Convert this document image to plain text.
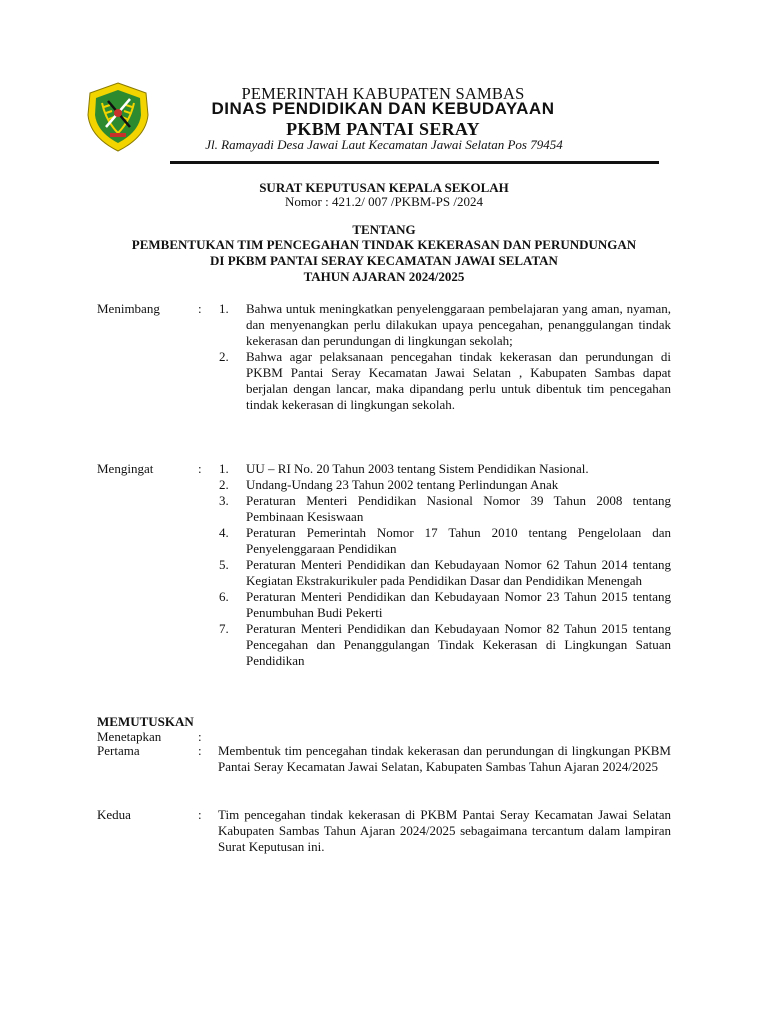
PEMERINTAH KABUPATEN SAMBAS
DINAS PENDIDIKAN DAN KEBUDAYAAN
PKBM PANTAI SERAY
Jl. Ramayadi Desa Jawai Laut Kecamatan Jawai Selatan Pos 79454
SURAT KEPUTUSAN KEPALA SEKOLAH
Nomor : 421.2/ 007 /PKBM-PS /2024
TENTANG
PEMBENTUKAN TIM PENCEGAHAN TINDAK KEKERASAN DAN PERUNDUNGAN
DI PKBM PANTAI SERAY KECAMATAN JAWAI SELATAN
TAHUN AJARAN 2024/2025
Menimbang	: 1. Bahwa untuk meningkatkan penyelenggaraan pembelajaran yang aman, nyaman, dan menyenangkan perlu dilakukan upaya pencegahan, penanggulangan tindak kekerasan dan perundungan di lingkungan sekolah;
2. Bahwa agar pelaksanaan pencegahan tindak kekerasan dan perundungan di PKBM Pantai Seray Kecamatan Jawai Selatan , Kabupaten Sambas dapat berjalan dengan lancar, maka dipandang perlu untuk dibentuk tim pencegahan tindak kekerasan di lingkungan sekolah.
Mengingat	: 1. UU – RI No. 20 Tahun 2003 tentang Sistem Pendidikan Nasional.
2. Undang-Undang 23 Tahun 2002 tentang Perlindungan Anak
3. Peraturan Menteri Pendidikan Nasional Nomor 39 Tahun 2008 tentang Pembinaan Kesiswaan
4. Peraturan Pemerintah Nomor 17 Tahun 2010 tentang Pengelolaan dan Penyelenggaraan Pendidikan
5. Peraturan Menteri Pendidikan dan Kebudayaan Nomor 62 Tahun 2014 tentang Kegiatan Ekstrakurikuler pada Pendidikan Dasar dan Pendidikan Menengah
6. Peraturan Menteri Pendidikan dan Kebudayaan Nomor 23 Tahun 2015 tentang Penumbuhan Budi Pekerti
7. Peraturan Menteri Pendidikan dan Kebudayaan Nomor 82 Tahun 2015 tentang Pencegahan dan Penanggulangan Tindak Kekerasan di Lingkungan Satuan Pendidikan
MEMUTUSKAN
Menetapkan	:
Pertama	: Membentuk tim pencegahan tindak kekerasan dan perundungan di lingkungan PKBM Pantai Seray Kecamatan Jawai Selatan, Kabupaten Sambas Tahun Ajaran 2024/2025

Kedua	: Tim pencegahan tindak kekerasan di PKBM Pantai Seray Kecamatan Jawai Selatan Kabupaten Sambas Tahun Ajaran 2024/2025 sebagaimana tercantum dalam lampiran Surat Keputusan ini.
